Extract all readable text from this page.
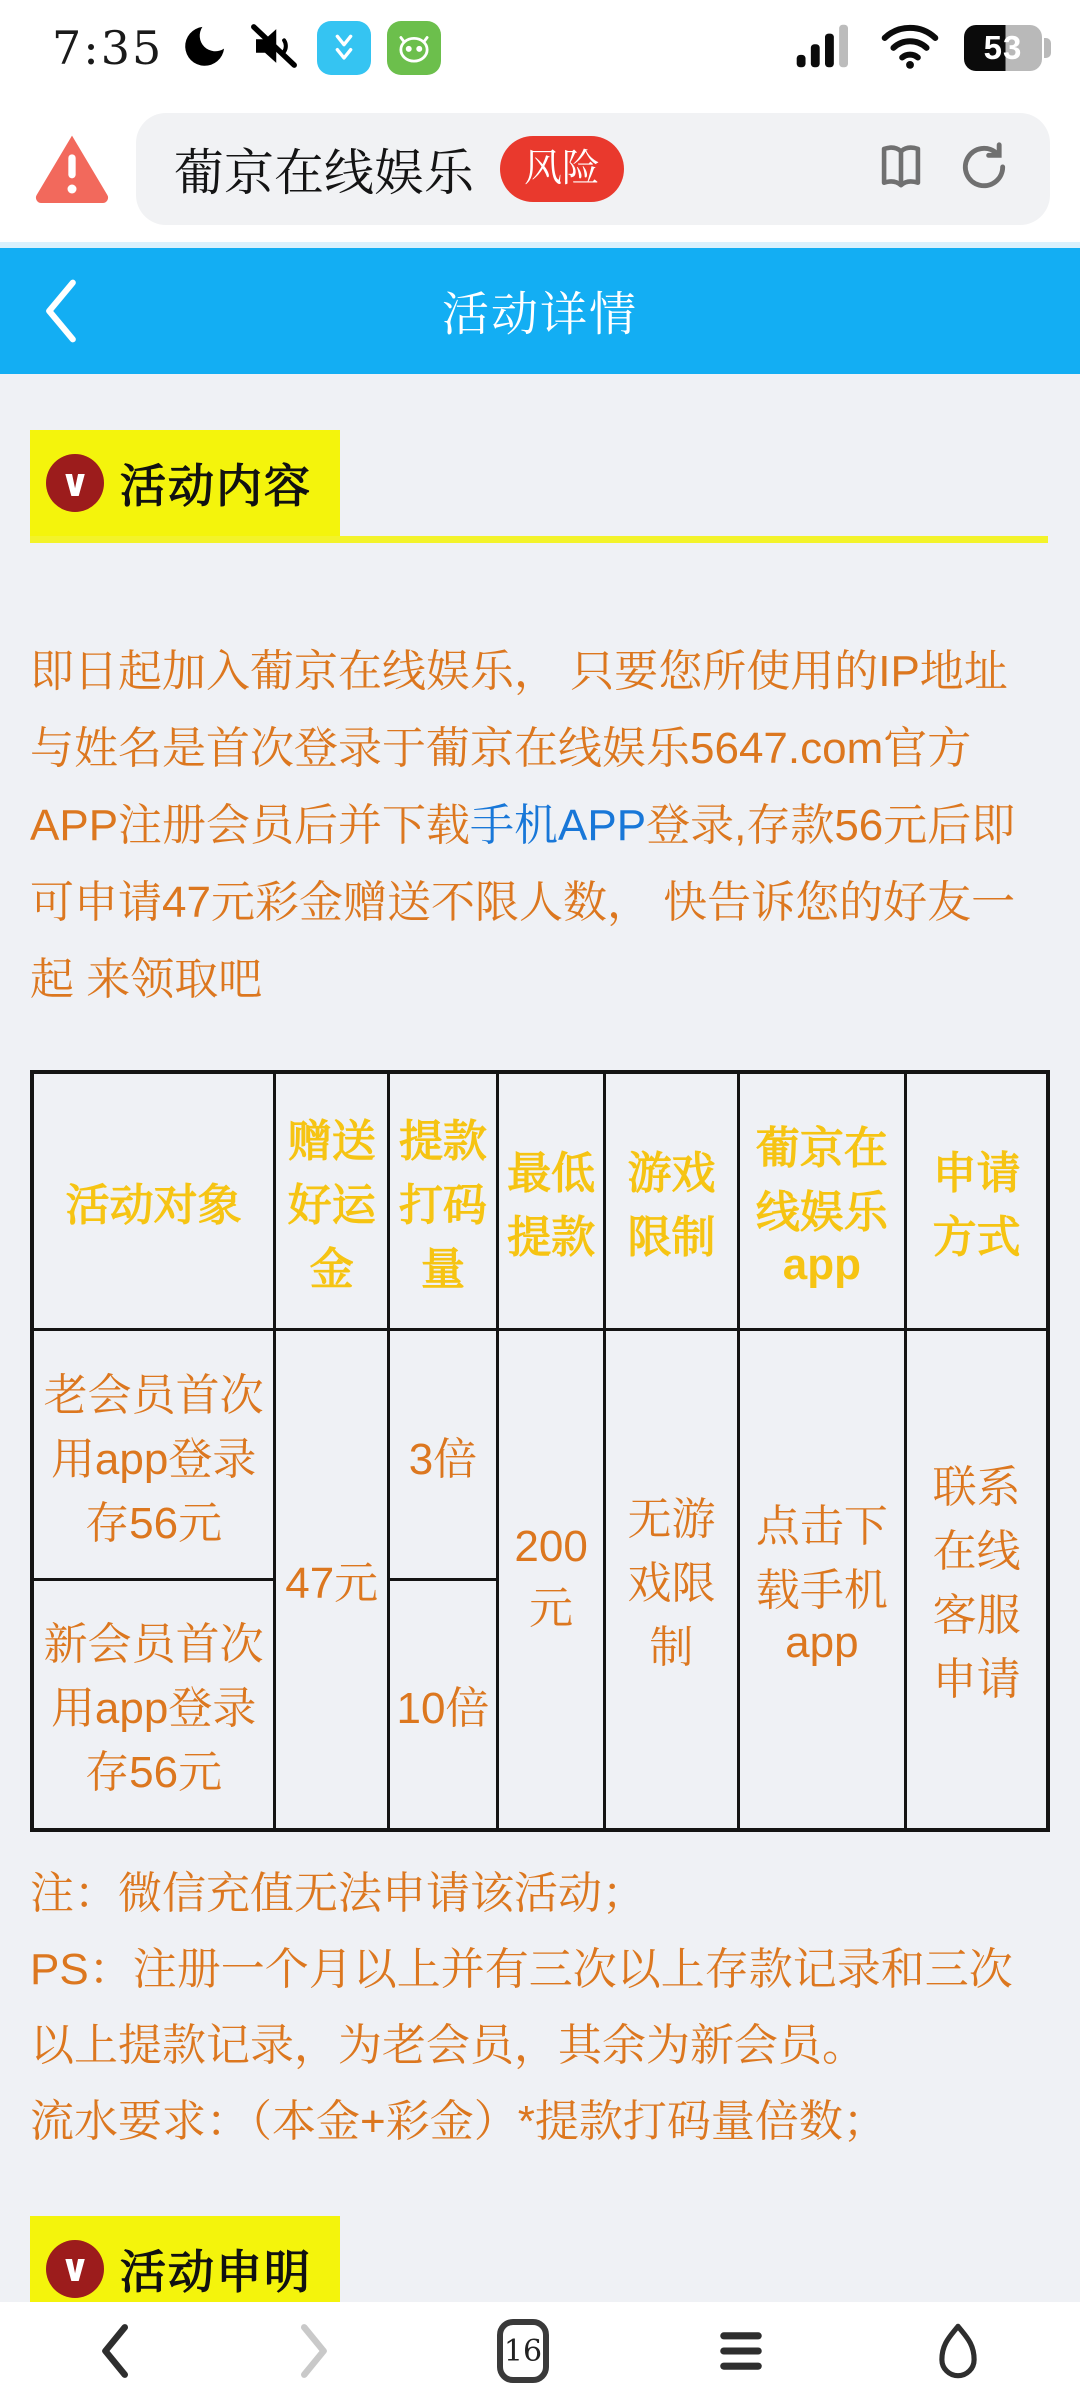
7:35	53
葡京在线娱乐	风险
活动详情
∨ 活动内容

即日起加入葡京在线娱乐， 只要您所使用的IP地址与姓名是首次登录于葡京在线娱乐5647.com官方APP注册会员后并下载手机APP登录,存款56元后即可申请47元彩金赠送不限人数， 快告诉您的好友一起 来领取吧

活动对象	赠送好运金	提款打码量	最低提款	游戏限制	葡京在线娱乐app	申请方式
老会员首次用app登录存56元	47元	3倍	200元	无游戏限制	点击下载手机app	联系在线客服申请
新会员首次用app登录存56元		10倍				

注：微信充值无法申请该活动；

PS：注册一个月以上并有三次以上存款记录和三次以上提款记录，为老会员，其余为新会员。

流水要求：（本金+彩金）*提款打码量倍数；

∨ 活动申明
16
